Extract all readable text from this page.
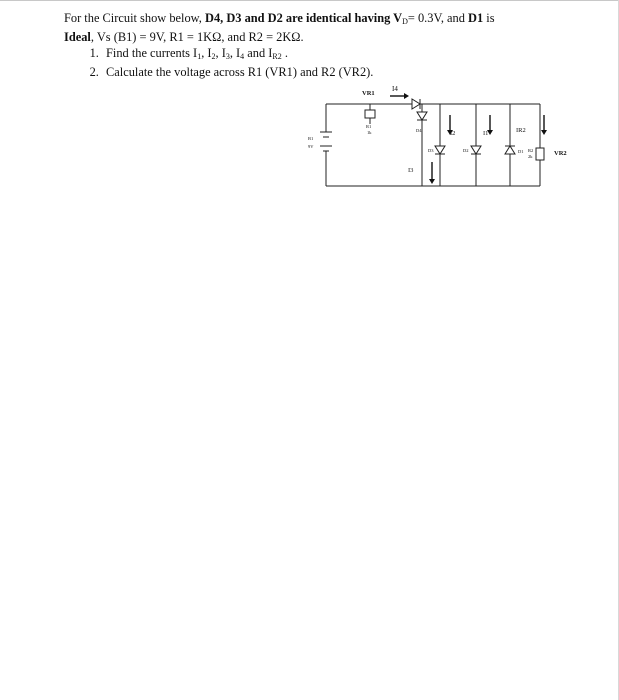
For the Circuit show below, D4, D3 and D2 are identical having $V_D= 0.3V$, and D1 is
Ideal, Vs (B1) = 9V, R1 = 1KΩ, and R2 = 2KΩ.

1. Find the currents $I_1$, $I_2$, $I_3$, $I_4$ and $I_{R2}$ .
2. Calculate the voltage across R1 (VR1) and R2 (VR2).
VR1
I4
R1
1k	D4	I2	I1	IR2
D3	D2	D1 R2
2k	VR2
I3
B1
9V
